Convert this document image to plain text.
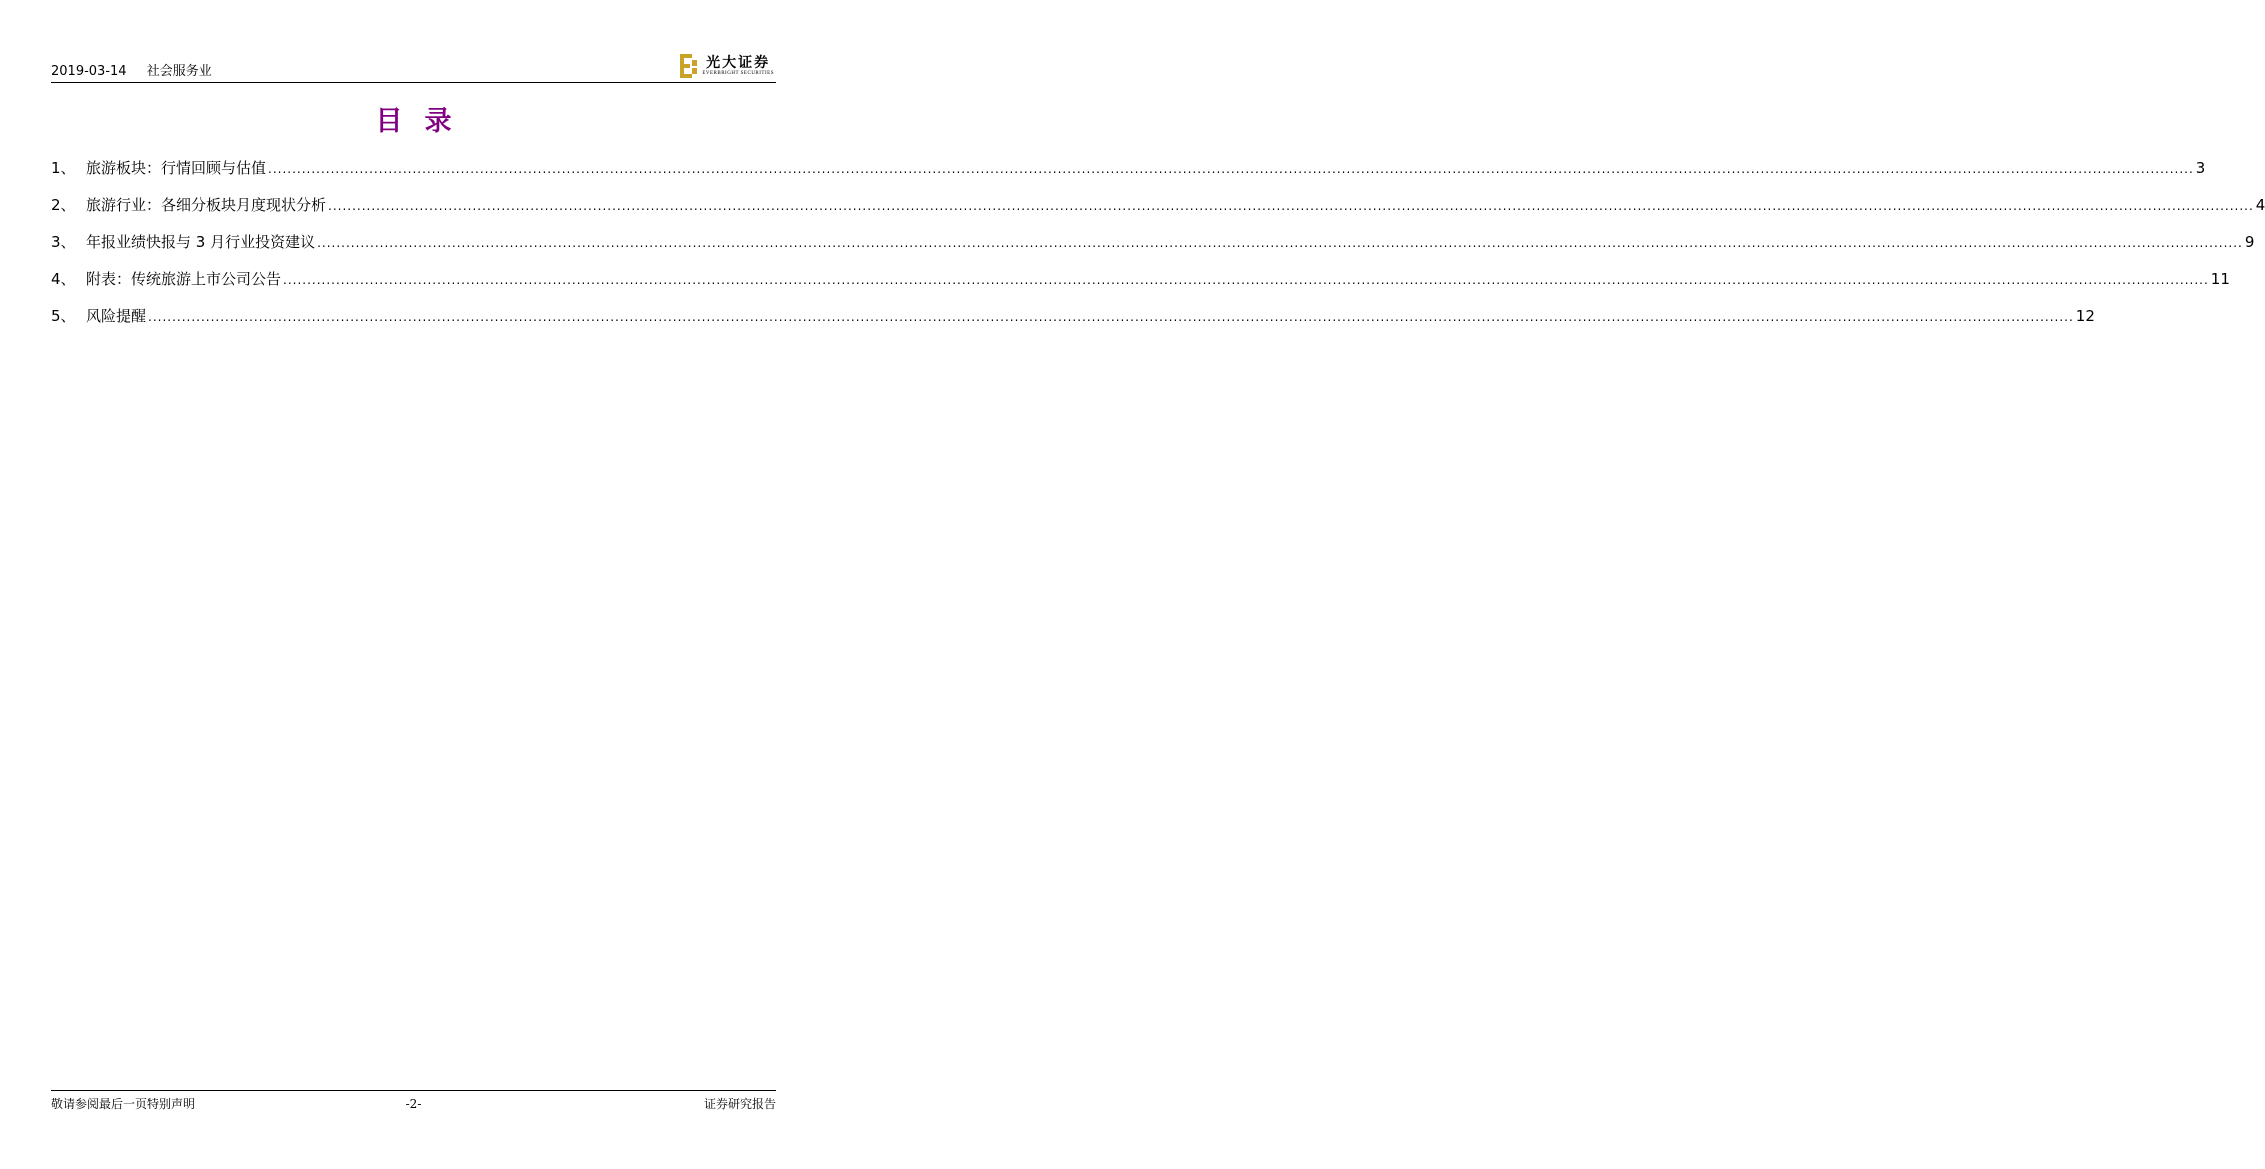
2019-03-14 社会服务业
光大证券
EVERBRIGHT SECURITIES
目录
1、 旅游板块：行情回顾与估值 ................................................................................................................................................................................................................................................................................................................................................................................................................ 3
2、 旅游行业：各细分板块月度现状分析 ................................................................................................................................................................................................................................................................................................................................................................................................................ 4
3、 年报业绩快报与 3 月行业投资建议 ................................................................................................................................................................................................................................................................................................................................................................................................................ 9
4、 附表：传统旅游上市公司公告 ................................................................................................................................................................................................................................................................................................................................................................................................................ 11
5、 风险提醒 ................................................................................................................................................................................................................................................................................................................................................................................................................ 12
敬请参阅最后一页特别声明	-2-	证券研究报告
